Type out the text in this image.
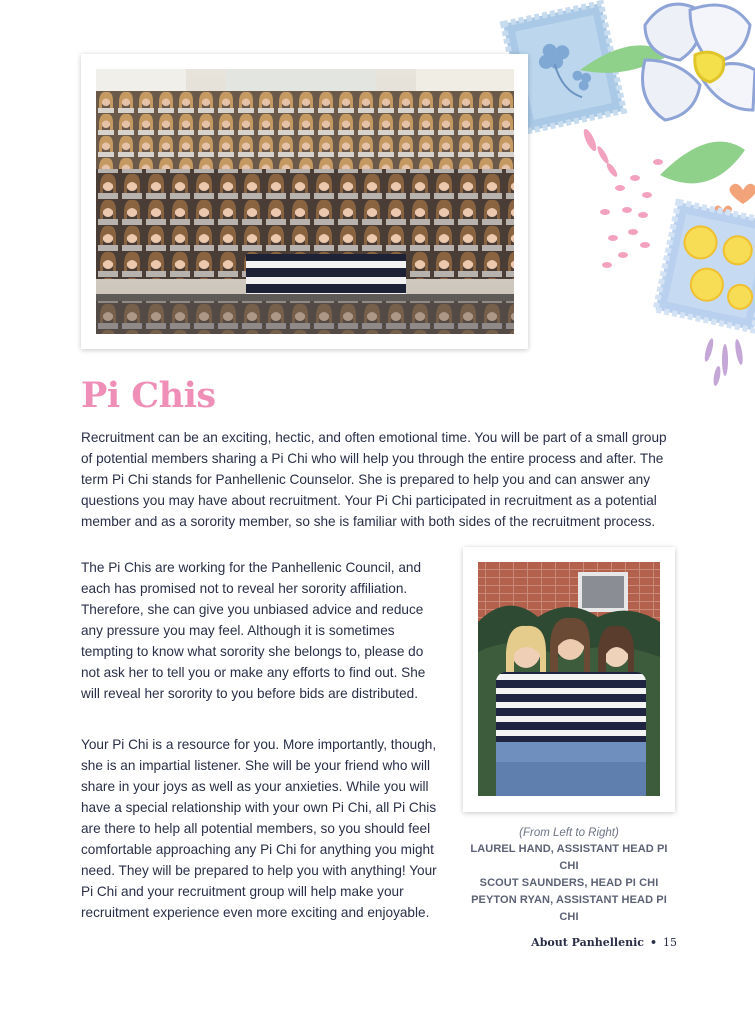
Pi Chis

Recruitment can be an exciting, hectic, and often emotional time. You will be part of a small group of potential members sharing a Pi Chi who will help you through the entire process and after. The term Pi Chi stands for Panhellenic Counselor. She is prepared to help you and can answer any questions you may have about recruitment. Your Pi Chi participated in recruitment as a potential member and as a sorority member, so she is familiar with both sides of the recruitment process.

The Pi Chis are working for the Panhellenic Council, and each has promised not to reveal her sorority affiliation. Therefore, she can give you unbiased advice and reduce any pressure you may feel. Although it is sometimes tempting to know what sorority she belongs to, please do not ask her to tell you or make any efforts to find out. She will reveal her sorority to you before bids are distributed.

Your Pi Chi is a resource for you. More importantly, though, she is an impartial listener. She will be your friend who will share in your joys as well as your anxieties. While you will have a special relationship with your own Pi Chi, all Pi Chis are there to help all potential members, so you should feel comfortable approaching any Pi Chi for anything you might need. They will be prepared to help you with anything! Your Pi Chi and your recruitment group will help make your recruitment experience even more exciting and enjoyable.

(From Left to Right)
LAUREL HAND, ASSISTANT HEAD PI CHI
SCOUT SAUNDERS, HEAD PI CHI
PEYTON RYAN, ASSISTANT HEAD PI CHI
About Panhellenic • 15
